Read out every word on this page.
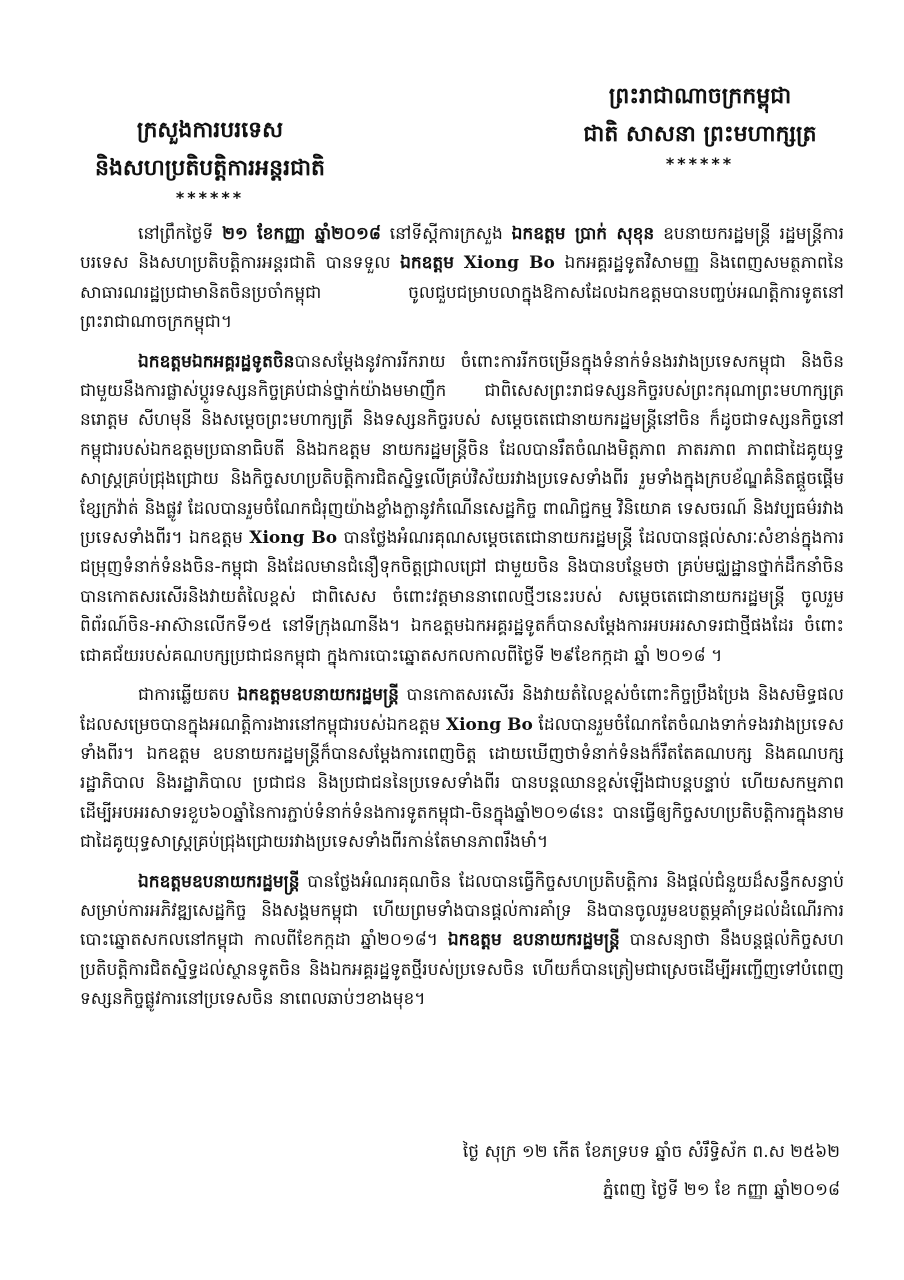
ព្រះរាជាណាចក្រកម្ពុជា
ជាតិ សាសនា ព្រះមហាក្សត្រ
******
ក្រសួងការបរទេស
និងសហប្រតិបត្តិការអន្តរជាតិ
******

នៅព្រឹកថ្ងៃទី ២១ ខែកញ្ញា ឆ្នាំ២០១៨ នៅទីស្តីការក្រសួង ឯកឧត្តម ប្រាក់ សុខុន ឧបនាយករដ្ឋមន្ត្រី រដ្ឋមន្ត្រីការបរទេស និងសហប្រតិបត្តិការអន្តរជាតិ បានទទួល ឯកឧត្តម Xiong Bo ឯកអគ្គរដ្ឋទូតវិសាមញ្ញ និងពេញសមត្ថភាពនៃសាធារណរដ្ឋប្រជាមានិតចិនប្រចាំកម្ពុជា ចូលជួបជម្រាបលាក្នុងឱកាសដែលឯកឧត្តមបានបញ្ចប់អណត្តិការទូតនៅព្រះរាជាណាចក្រកម្ពុជា។

ឯកឧត្តមឯកអគ្គរដ្ឋទូតចិនបានសម្តែងនូវការរីករាយ ចំពោះការរីកចម្រើនក្នុងទំនាក់ទំនងរវាងប្រទេសកម្ពុជា និងចិន ជាមួយនឹងការផ្លាស់ប្តូរទស្សនកិច្ចគ្រប់ជាន់ថ្នាក់យ៉ាងមមាញឹក ជាពិសេសព្រះរាជទស្សនកិច្ចរបស់ព្រះករុណាព្រះមហាក្សត្រ នរោត្តម សីហមុនី និងសម្តេចព្រះមហាក្សត្រី និងទស្សនកិច្ចរបស់ សម្តេចតេជោនាយករដ្ឋមន្ត្រីនៅចិន ក៏ដូចជាទស្សនកិច្ចនៅកម្ពុជារបស់ឯកឧត្តមប្រធានាធិបតី និងឯកឧត្តម នាយករដ្ឋមន្ត្រីចិន ដែលបានរឹតចំណងមិត្តភាព ភាតរភាព ភាពជាដៃគូយុទ្ធសាស្ត្រគ្រប់ជ្រុងជ្រោយ និងកិច្ចសហប្រតិបត្តិការជិតស្និទ្ធលើគ្រប់វិស័យរវាងប្រទេសទាំងពីរ រួមទាំងក្នុងក្របខ័ណ្ឌគំនិតផ្តួចផ្តើមខ្សែក្រវ៉ាត់ និងផ្លូវ ដែលបានរួមចំណែកជំរុញយ៉ាងខ្លាំងក្លានូវកំណើនសេដ្ឋកិច្ច ពាណិជ្ជកម្ម វិនិយោគ ទេសចរណ៍ និងវប្បធម៌រវាងប្រទេសទាំងពីរ។ ឯកឧត្តម Xiong Bo បានថ្លែងអំណរគុណសម្តេចតេជោនាយករដ្ឋមន្ត្រី ដែលបានផ្តល់សារៈសំខាន់ក្នុងការជម្រុញទំនាក់ទំនងចិន-កម្ពុជា និងដែលមានជំនឿទុកចិត្តជ្រាលជ្រៅ ជាមួយចិន និងបានបន្ថែមថា គ្រប់មជ្ឈដ្ឋានថ្នាក់ដឹកនាំចិនបានកោតសរសើរនិងវាយតំលៃខ្ពស់ ជាពិសេស ចំពោះវត្តមាននាពេលថ្មីៗនេះរបស់ សម្តេចតេជោនាយករដ្ឋមន្ត្រី ចូលរួមពិព័រណ៍ចិន-អាស៊ានលើកទី១៥ នៅទីក្រុងណានីង។ ឯកឧត្តមឯកអគ្គរដ្ឋទូតក៏បានសម្តែងការអបអរសាទរជាថ្មីផងដែរ ចំពោះជោគជ័យរបស់គណបក្សប្រជាជនកម្ពុជា ក្នុងការបោះឆ្នោតសកលកាលពីថ្ងៃទី ២៩ខែកក្កដា ឆ្នាំ ២០១៨ ។

ជាការឆ្លើយតប ឯកឧត្តមឧបនាយករដ្ឋមន្ត្រី បានកោតសរសើរ និងវាយតំលៃខ្ពស់ចំពោះកិច្ចប្រឹងប្រែង និងសមិទ្ធផលដែលសម្រេចបានក្នុងអណត្តិការងារនៅកម្ពុជារបស់ឯកឧត្តម Xiong Bo ដែលបានរួមចំណែកតែចំណងទាក់ទងរវាងប្រទេសទាំងពីរ។ ឯកឧត្តម ឧបនាយករដ្ឋមន្ត្រីក៏បានសម្តែងការពេញចិត្ត ដោយឃើញថាទំនាក់ទំនងក៏រឹតតែគណបក្ស និងគណបក្ស រដ្ឋាភិបាល និងរដ្ឋាភិបាល ប្រជាជន និងប្រជាជននៃប្រទេសទាំងពីរ បានបន្តឈានខ្ពស់ឡើងជាបន្តបន្ទាប់ ហើយសកម្មភាពដើម្បីអបអរសាទរខួប៦០ឆ្នាំនៃការភ្ជាប់ទំនាក់ទំនងការទូតកម្ពុជា-ចិនក្នុងឆ្នាំ២០១៨នេះ បានធ្វើឲ្យកិច្ចសហប្រតិបត្តិការក្នុងនាមជាដៃគូយុទ្ធសាស្ត្រគ្រប់ជ្រុងជ្រោយរវាងប្រទេសទាំងពីរកាន់តែមានភាពរឹងមាំ។

ឯកឧត្តមឧបនាយករដ្ឋមន្ត្រី បានថ្លែងអំណរគុណចិន ដែលបានធ្វើកិច្ចសហប្រតិបត្តិការ និងផ្តល់ជំនួយដ៏សន្ធឹកសន្ធាប់សម្រាប់ការអភិវឌ្ឍសេដ្ឋកិច្ច និងសង្គមកម្ពុជា ហើយព្រមទាំងបានផ្តល់ការគាំទ្រ និងបានចូលរួមឧបត្ថម្ភគាំទ្រដល់ដំណើរការបោះឆ្នោតសកលនៅកម្ពុជា កាលពីខែកក្កដា ឆ្នាំ២០១៨។ ឯកឧត្តម ឧបនាយករដ្ឋមន្ត្រី បានសន្យាថា នឹងបន្តផ្តល់កិច្ចសហប្រតិបត្តិការជិតស្និទ្ធដល់ស្ថានទូតចិន និងឯកអគ្គរដ្ឋទូតថ្មីរបស់ប្រទេសចិន ហើយក៏បានត្រៀមជាស្រេចដើម្បីអញ្ជើញទៅបំពេញទស្សនកិច្ចផ្លូវការនៅប្រទេសចិន នាពេលឆាប់ៗខាងមុខ។

ថ្ងៃ សុក្រ ១២ កើត ខែភទ្របទ ឆ្នាំច សំរឹទ្ធិស័ក ព.ស ២៥៦២
ភ្នំពេញ ថ្ងៃទី ២១ ខែ កញ្ញា ឆ្នាំ២០១៨
